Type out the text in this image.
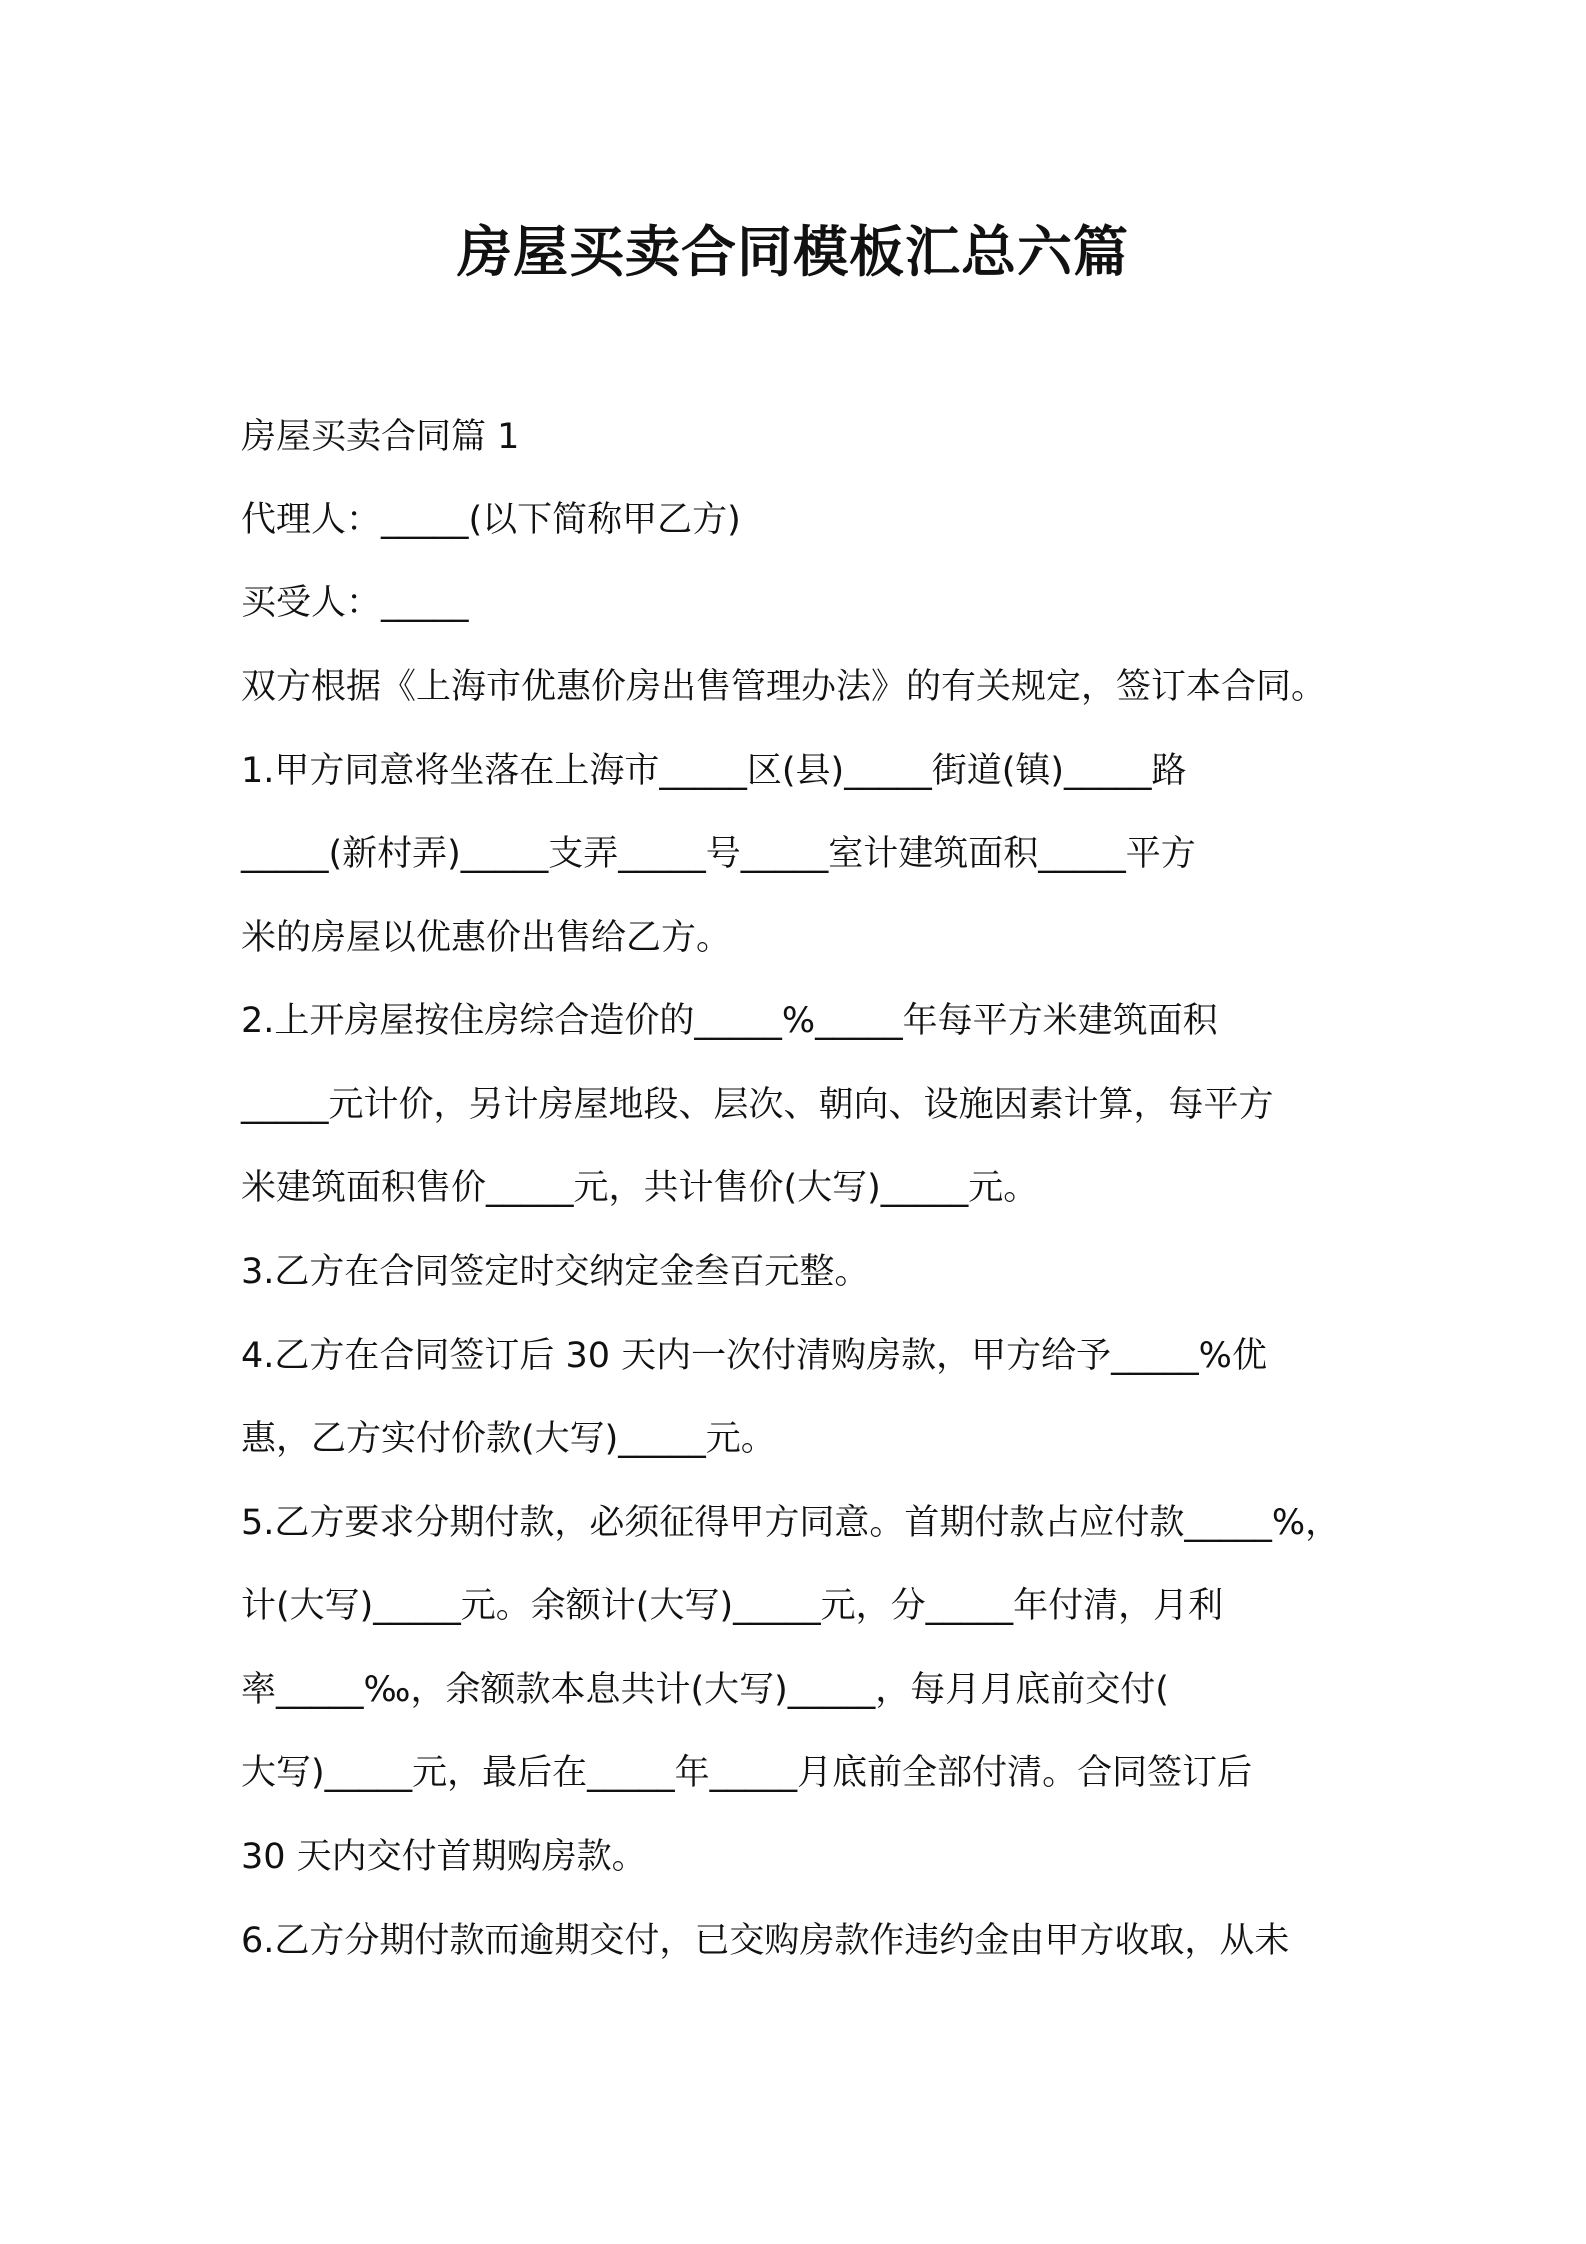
房屋买卖合同模板汇总六篇

房屋买卖合同篇 1

代理人：_____(以下简称甲乙方)

买受人：_____

双方根据《上海市优惠价房出售管理办法》的有关规定，签订本合同。

1.甲方同意将坐落在上海市_____区(县)_____街道(镇)_____路

_____(新村弄)_____支弄_____号_____室计建筑面积_____平方

米的房屋以优惠价出售给乙方。

2.上开房屋按住房综合造价的_____%_____年每平方米建筑面积

_____元计价，另计房屋地段、层次、朝向、设施因素计算，每平方

米建筑面积售价_____元，共计售价(大写)_____元。

3.乙方在合同签定时交纳定金叁百元整。

4.乙方在合同签订后 30 天内一次付清购房款，甲方给予_____%优

惠，乙方实付价款(大写)_____元。

5.乙方要求分期付款，必须征得甲方同意。首期付款占应付款_____%，

计(大写)_____元。余额计(大写)_____元，分_____年付清，月利

率_____‰，余额款本息共计(大写)_____，每月月底前交付(

大写)_____元，最后在_____年_____月底前全部付清。合同签订后

30 天内交付首期购房款。

6.乙方分期付款而逾期交付，已交购房款作违约金由甲方收取，从未
